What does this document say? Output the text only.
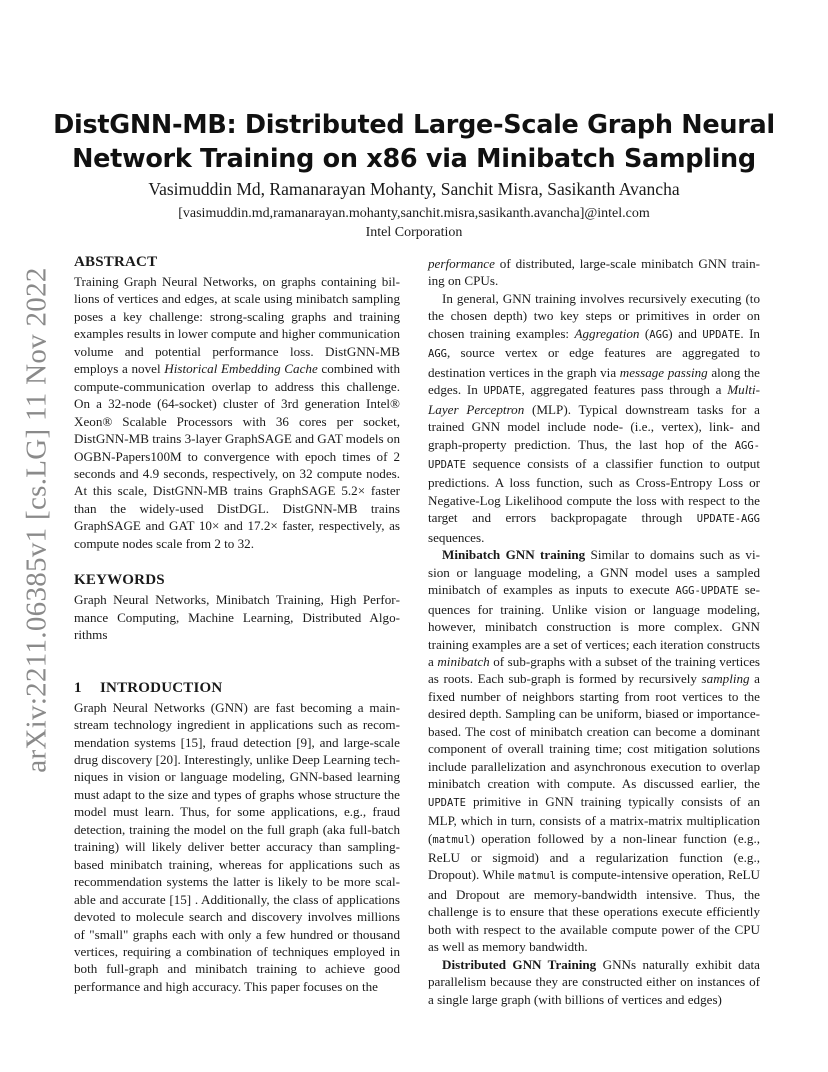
arXiv:2211.06385v1 [cs.LG] 11 Nov 2022
DistGNN-MB: Distributed Large-Scale Graph Neural
Network Training on x86 via Minibatch Sampling
Vasimuddin Md, Ramanarayan Mohanty, Sanchit Misra, Sasikanth Avancha
[vasimuddin.md,ramanarayan.mohanty,sanchit.misra,sasikanth.avancha]@intel.com
Intel Corporation
ABSTRACT

Training Graph Neural Networks, on graphs containing billions of vertices and edges, at scale using minibatch sampling poses a key challenge: strong-scaling graphs and training examples results in lower compute and higher communication volume and potential performance loss. DistGNN-MB employs a novel Historical Embedding Cache combined with compute-communication overlap to address this challenge. On a 32-node (64-socket) cluster of 3rd generation Intel® Xeon® Scalable Processors with 36 cores per socket, DistGNN-MB trains 3-layer GraphSAGE and GAT models on OGBN-Papers100M to convergence with epoch times of 2 seconds and 4.9 seconds, respectively, on 32 compute nodes. At this scale, DistGNN-MB trains GraphSAGE 5.2× faster than the widely-used DistDGL. DistGNN-MB trains GraphSAGE and GAT 10× and 17.2× faster, respectively, as compute nodes scale from 2 to 32.

KEYWORDS

Graph Neural Networks, Minibatch Training, High Performance Computing, Machine Learning, Distributed Algorithms

1 INTRODUCTION

Graph Neural Networks (GNN) are fast becoming a mainstream technology ingredient in applications such as recommendation systems [15], fraud detection [9], and large-scale drug discovery [20]. Interestingly, unlike Deep Learning techniques in vision or language modeling, GNN-based learning must adapt to the size and types of graphs whose structure the model must learn. Thus, for some applications, e.g., fraud detection, training the model on the full graph (aka full-batch training) will likely deliver better accuracy than sampling-based minibatch training, whereas for applications such as recommendation systems the latter is likely to be more scalable and accurate [15] . Additionally, the class of applications devoted to molecule search and discovery involves millions of "small" graphs each with only a few hundred or thousand vertices, requiring a combination of techniques employed in both full-graph and minibatch training to achieve good performance and high accuracy. This paper focuses on the

performance of distributed, large-scale minibatch GNN training on CPUs.

In general, GNN training involves recursively executing (to the chosen depth) two key steps or primitives in order on chosen training examples: Aggregation (AGG) and UPDATE. In AGG, source vertex or edge features are aggregated to destination vertices in the graph via message passing along the edges. In UPDATE, aggregated features pass through a Multi-Layer Perceptron (MLP). Typical downstream tasks for a trained GNN model include node- (i.e., vertex), link- and graph-property prediction. Thus, the last hop of the AGG-UPDATE sequence consists of a classifier function to output predictions. A loss function, such as Cross-Entropy Loss or Negative-Log Likelihood compute the loss with respect to the target and errors backpropagate through UPDATE-AGG sequences.

Minibatch GNN training Similar to domains such as vision or language modeling, a GNN model uses a sampled minibatch of examples as inputs to execute AGG-UPDATE sequences for training. Unlike vision or language modeling, however, minibatch construction is more complex. GNN training examples are a set of vertices; each iteration constructs a minibatch of sub-graphs with a subset of the training vertices as roots. Each sub-graph is formed by recursively sampling a fixed number of neighbors starting from root vertices to the desired depth. Sampling can be uniform, biased or importance-based. The cost of minibatch creation can become a dominant component of overall training time; cost mitigation solutions include parallelization and asynchronous execution to overlap minibatch creation with compute. As discussed earlier, the UPDATE primitive in GNN training typically consists of an MLP, which in turn, consists of a matrix-matrix multiplication (matmul) operation followed by a non-linear function (e.g., ReLU or sigmoid) and a regularization function (e.g., Dropout). While matmul is compute-intensive operation, ReLU and Dropout are memory-bandwidth intensive. Thus, the challenge is to ensure that these operations execute efficiently both with respect to the available compute power of the CPU as well as memory bandwidth.

Distributed GNN Training GNNs naturally exhibit data parallelism because they are constructed either on instances of a single large graph (with billions of vertices and edges)
